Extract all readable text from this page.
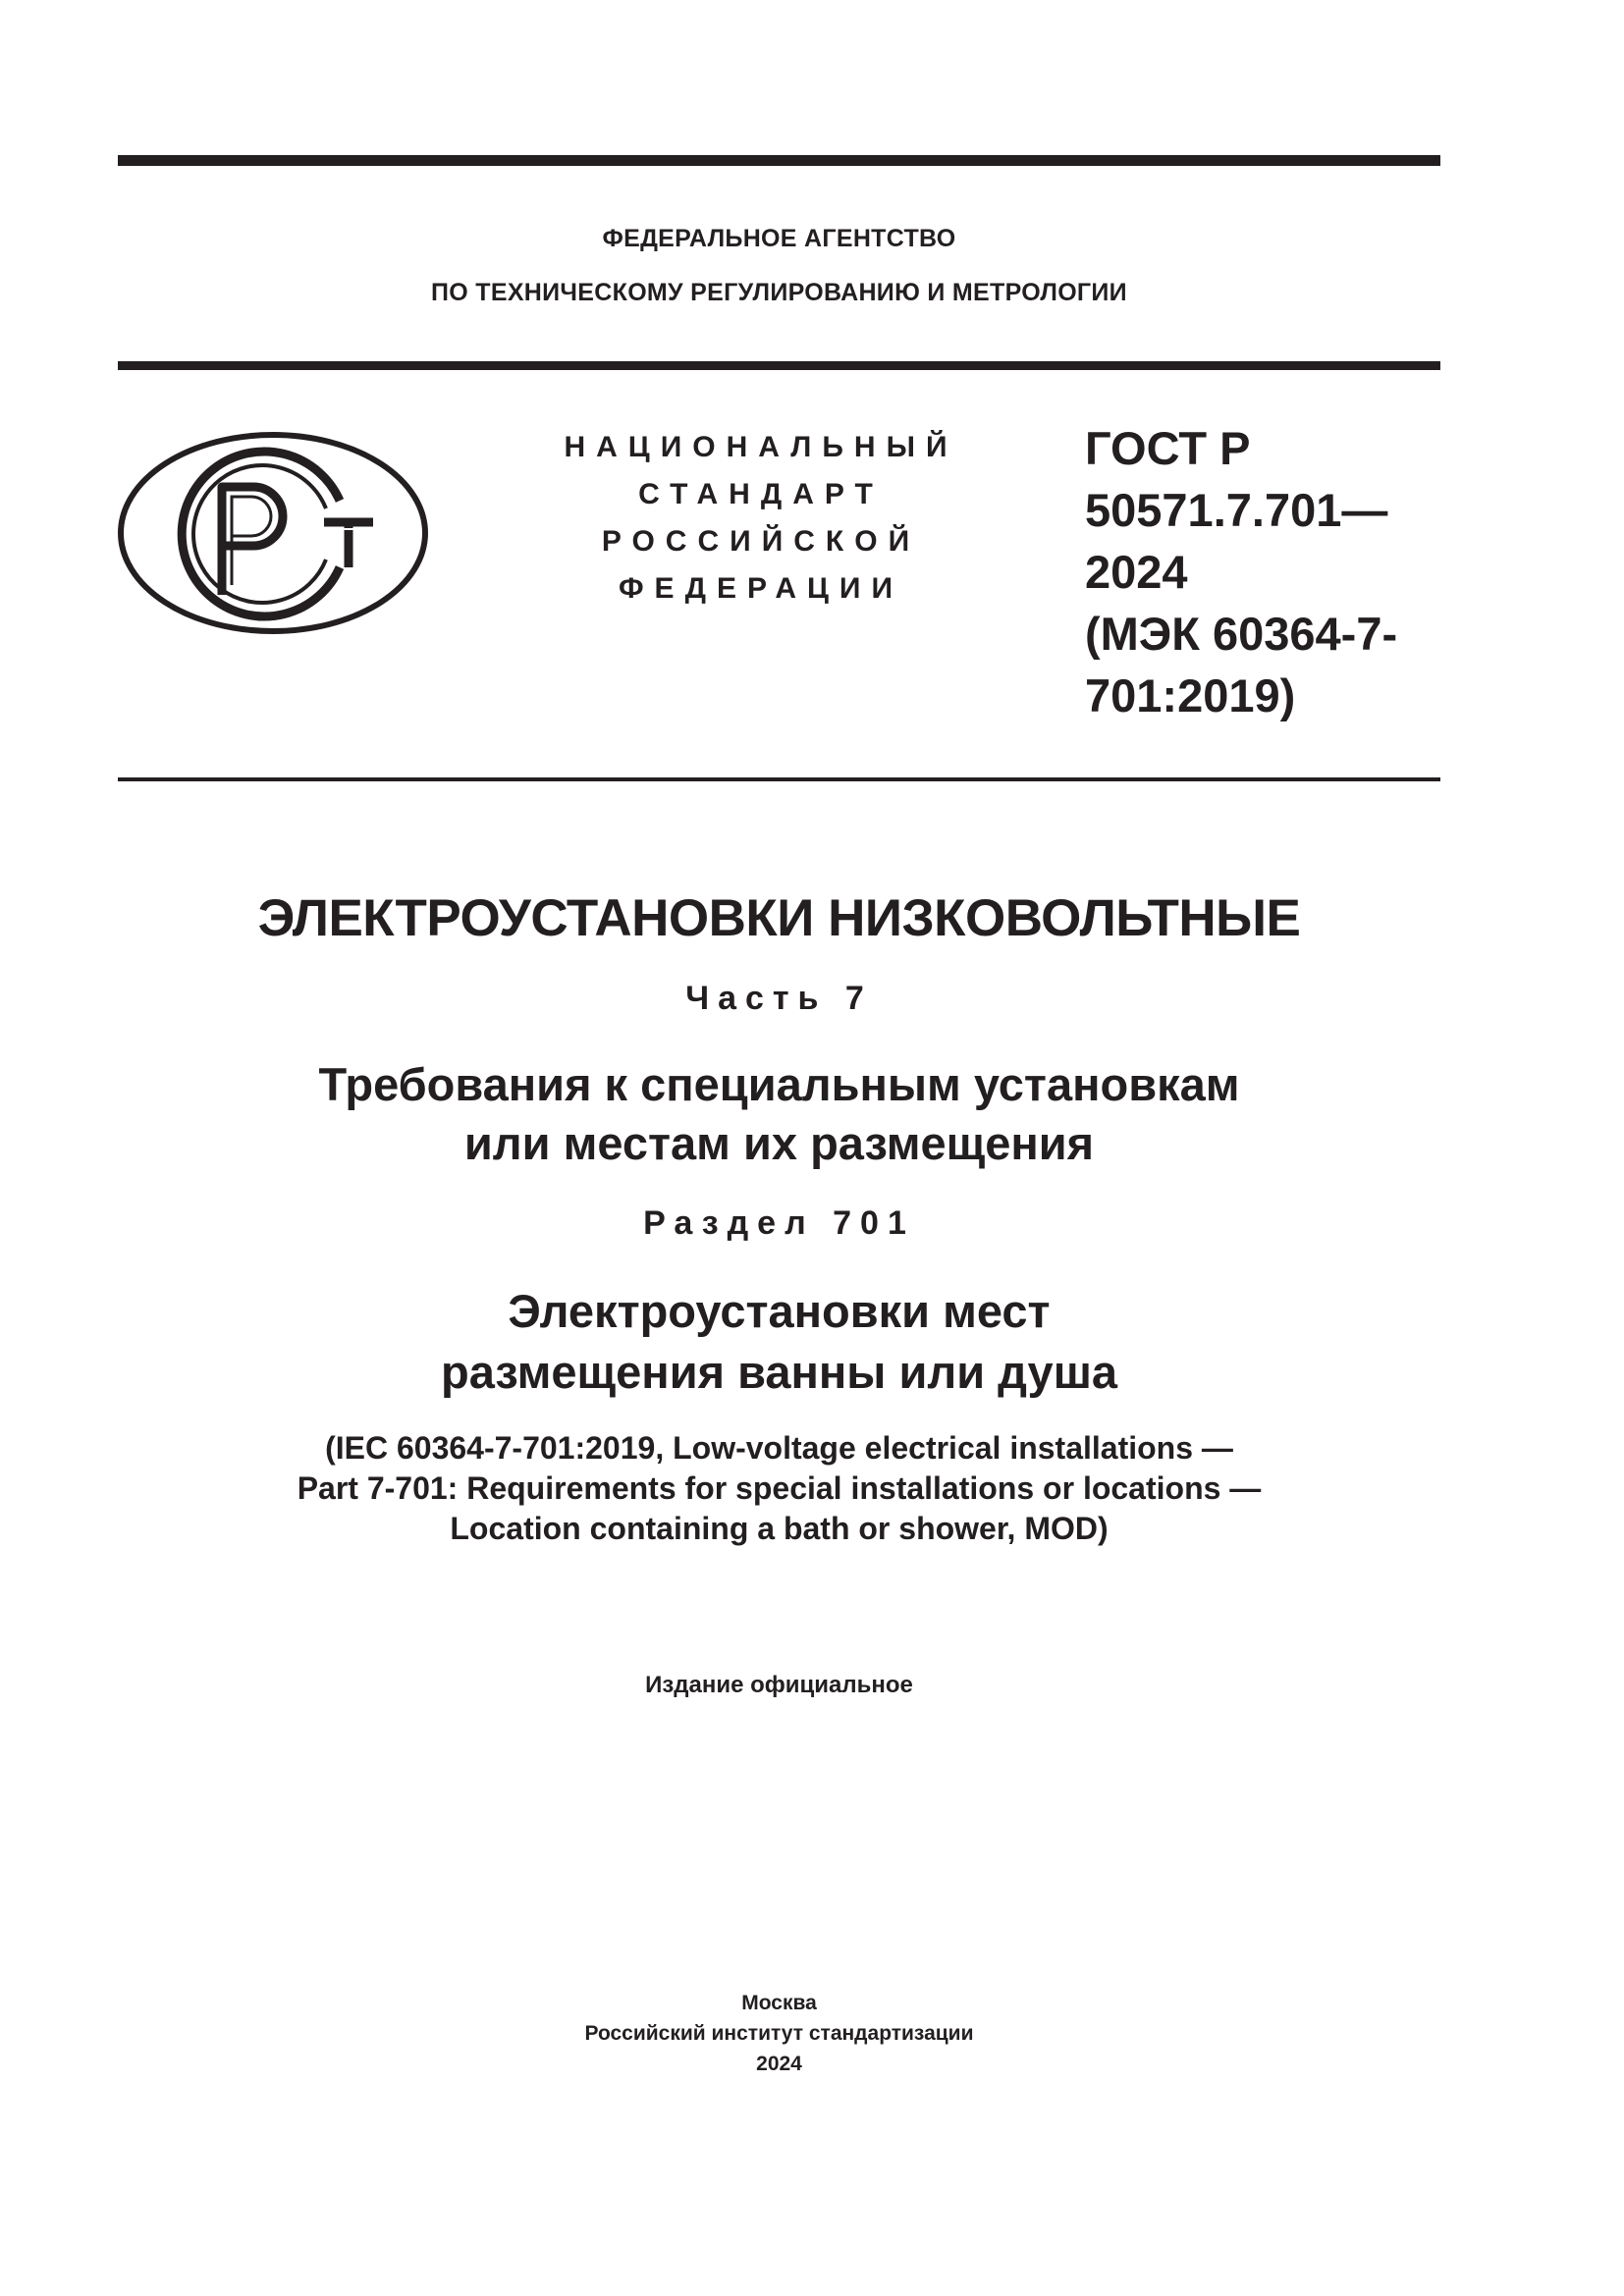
ФЕДЕРАЛЬНОЕ АГЕНТСТВО
ПО ТЕХНИЧЕСКОМУ РЕГУЛИРОВАНИЮ И МЕТРОЛОГИИ
НАЦИОНАЛЬНЫЙ
СТАНДАРТ
РОССИЙСКОЙ
ФЕДЕРАЦИИ
ГОСТ Р
50571.7.701—
2024
(МЭК 60364-7-
701:2019)
ЭЛЕКТРОУСТАНОВКИ НИЗКОВОЛЬТНЫЕ
Часть 7
Требования к специальным установкам
или местам их размещения
Раздел 701
Электроустановки мест
размещения ванны или душа
(IEC 60364-7-701:2019, Low-voltage electrical installations —
Part 7-701: Requirements for special installations or locations —
Location containing a bath or shower, MOD)
Издание официальное
Москва
Российский институт стандартизации
2024
